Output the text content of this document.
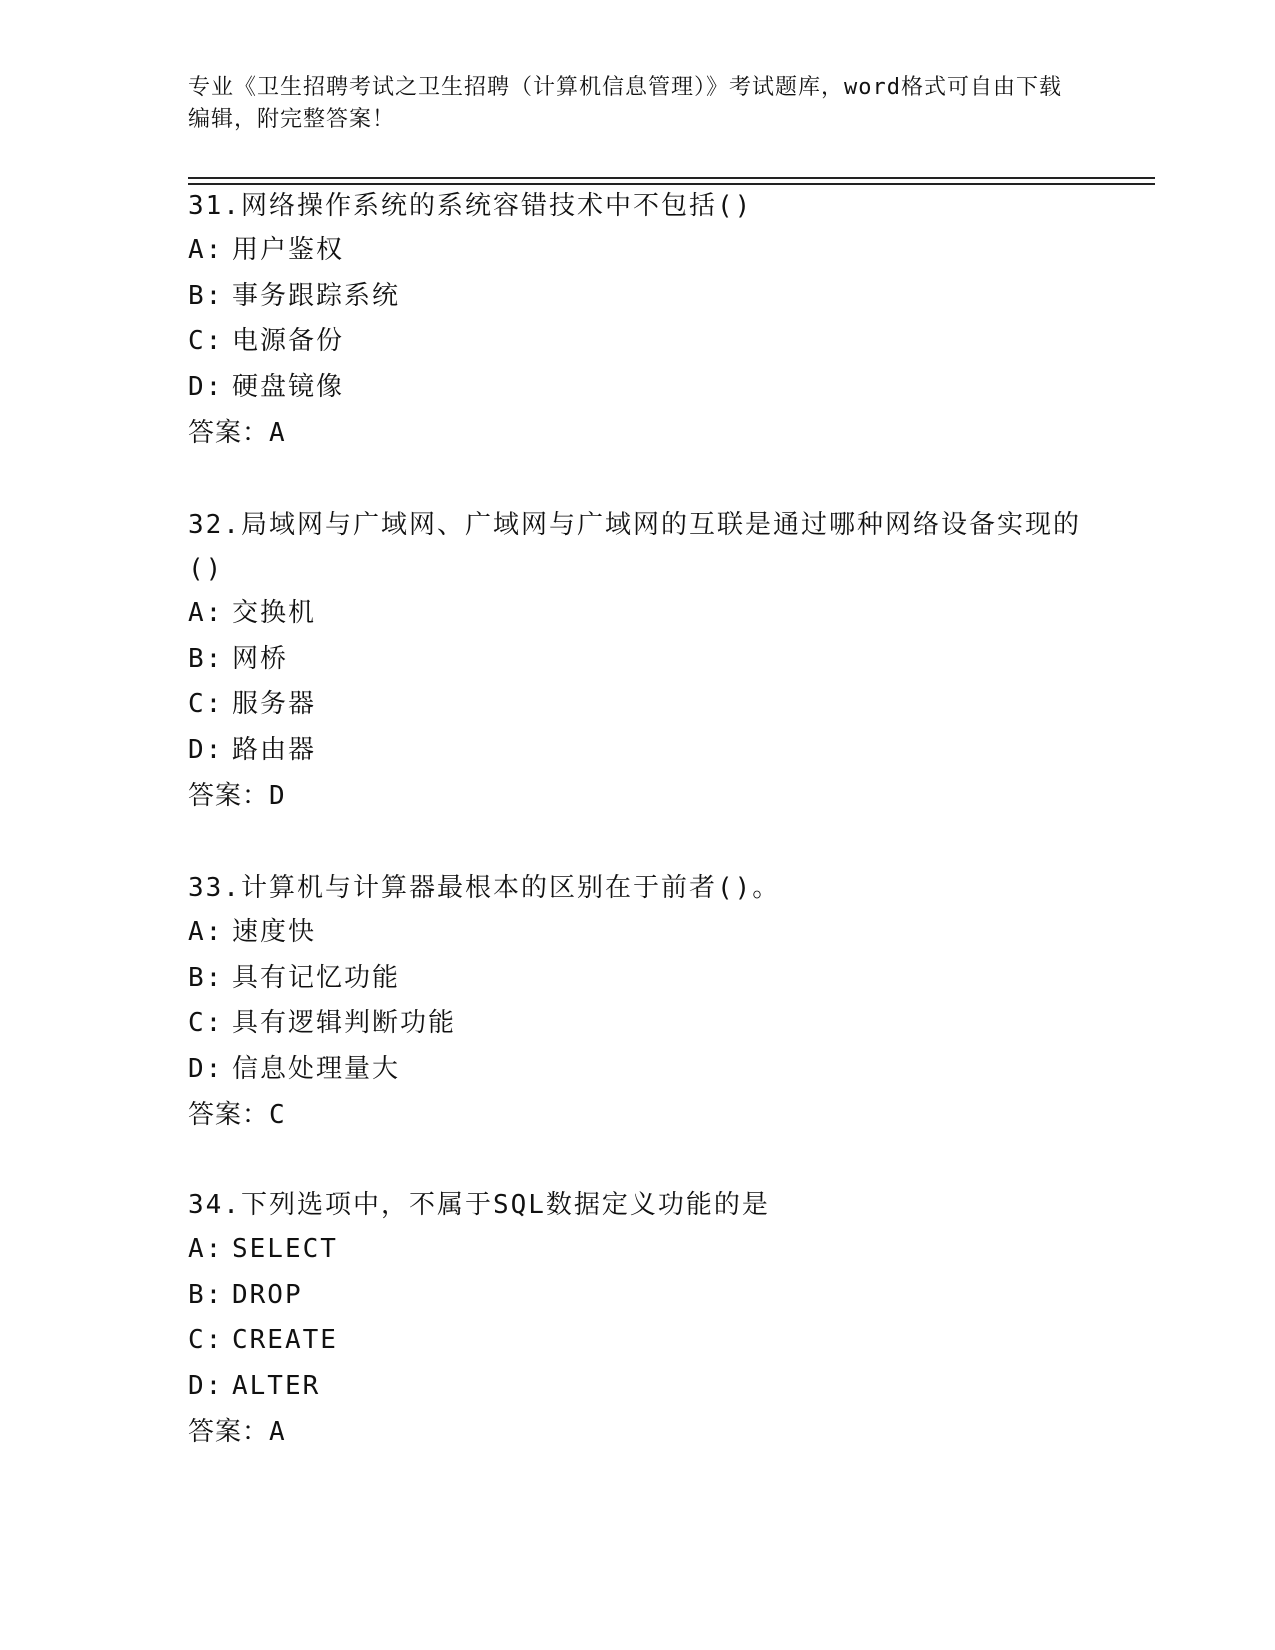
专业《卫生招聘考试之卫生招聘（计算机信息管理）》考试题库，word格式可自由下载编辑，附完整答案！
31.网络操作系统的系统容错技术中不包括()
A: 用户鉴权
B: 事务跟踪系统
C: 电源备份
D: 硬盘镜像
答案：A
32.局域网与广域网、广域网与广域网的互联是通过哪种网络设备实现的()
A: 交换机
B: 网桥
C: 服务器
D: 路由器
答案：D
33.计算机与计算器最根本的区别在于前者()。
A: 速度快
B: 具有记忆功能
C: 具有逻辑判断功能
D: 信息处理量大
答案：C
34.下列选项中，不属于SQL数据定义功能的是
A: SELECT
B: DROP
C: CREATE
D: ALTER
答案：A
